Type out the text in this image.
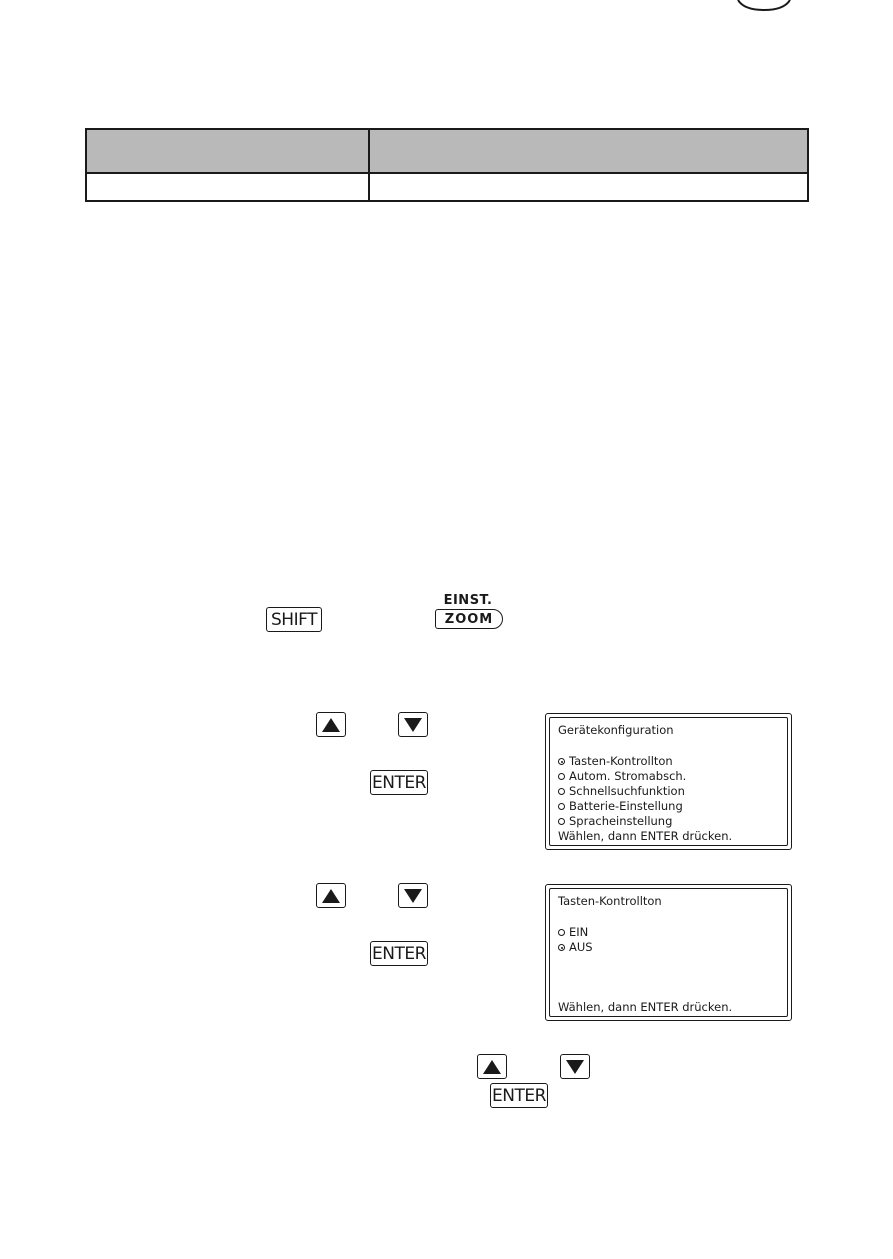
SHIFT
EINST.
ZOOM
ENTER
Gerätekonfiguration
Tasten-Kontrollton
Autom. Stromabsch.
Schnellsuchfunktion
Batterie-Einstellung
Spracheinstellung
Wählen, dann ENTER drücken.
ENTER
Tasten-Kontrollton
EIN
AUS
Wählen, dann ENTER drücken.
ENTER
